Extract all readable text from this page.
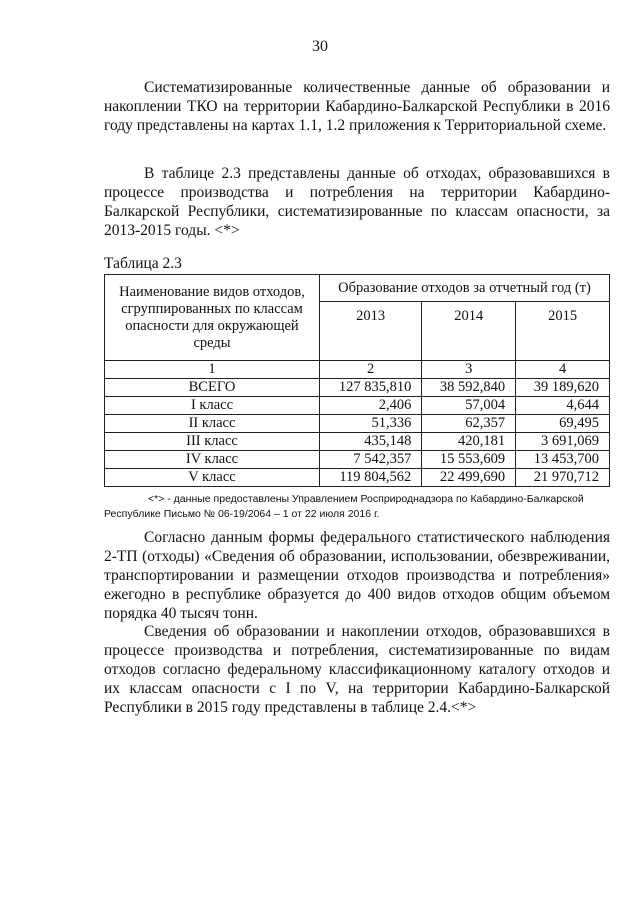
30

Систематизированные количественные данные об образовании и накоплении ТКО на территории Кабардино-Балкарской Республики в 2016 году представлены на картах 1.1, 1.2 приложения к Территориальной схеме.

В таблице 2.3 представлены данные об отходах, образовавшихся в процессе производства и потребления на территории Кабардино-Балкарской Республики, систематизированные по классам опасности, за 2013-2015 годы. <*>

Таблица 2.3
Наименование видов отходов, сгруппированных по классам опасности для окружающей среды	Образование отходов за отчетный год (т)		
	2013	2014	2015
1	2	3	4
ВСЕГО	127 835,810	38 592,840	39 189,620
I класс	2,406	57,004	4,644
II класс	51,336	62,357	69,495
III класс	435,148	420,181	3 691,069
IV класс	7 542,357	15 553,609	13 453,700
V класс	119 804,562	22 499,690	21 970,712

<*> - данные предоставлены Управлением Росприроднадзора по Кабардино-Балкарской Республике Письмо № 06-19/2064 – 1 от 22 июля 2016 г.

Согласно данным формы федерального статистического наблюдения 2-ТП (отходы) «Сведения об образовании, использовании, обезвреживании, транспортировании и размещении отходов производства и потребления» ежегодно в республике образуется до 400 видов отходов общим объемом порядка 40 тысяч тонн.

Сведения об образовании и накоплении отходов, образовавшихся в процессе производства и потребления, систематизированные по видам отходов согласно федеральному классификационному каталогу отходов и их классам опасности с I по V, на территории Кабардино-Балкарской Республики в 2015 году представлены в таблице 2.4.<*>
